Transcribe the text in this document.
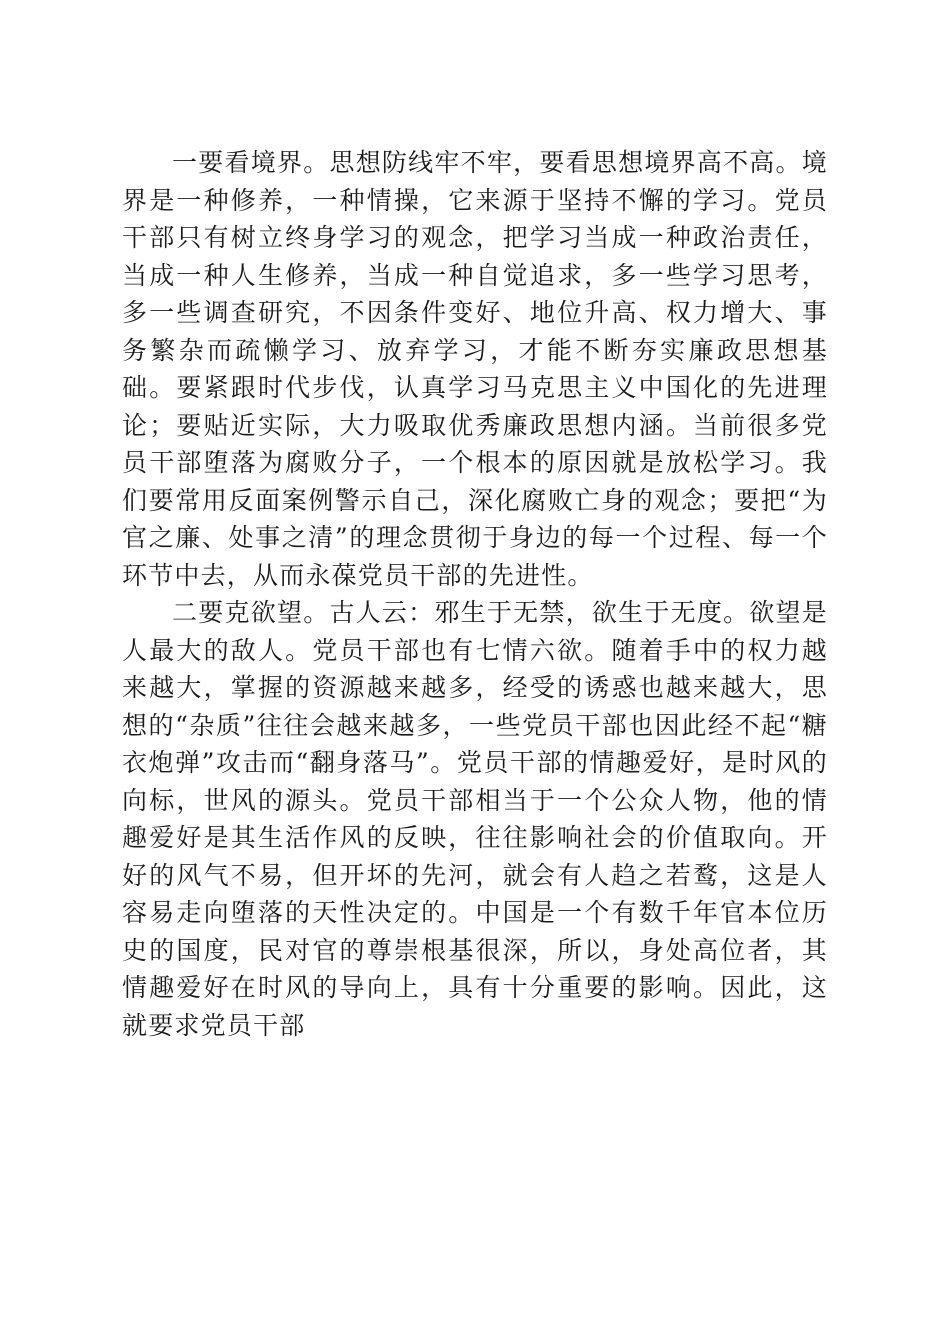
一要看境界。思想防线牢不牢，要看思想境界高不高。境界是一种修养，一种情操，它来源于坚持不懈的学习。党员干部只有树立终身学习的观念，把学习当成一种政治责任，当成一种人生修养，当成一种自觉追求，多一些学习思考，多一些调查研究，不因条件变好、地位升高、权力增大、事务繁杂而疏懒学习、放弃学习，才能不断夯实廉政思想基础。要紧跟时代步伐，认真学习马克思主义中国化的先进理论；要贴近实际，大力吸取优秀廉政思想内涵。当前很多党员干部堕落为腐败分子，一个根本的原因就是放松学习。我们要常用反面案例警示自己，深化腐败亡身的观念；要把“为官之廉、处事之清”的理念贯彻于身边的每一个过程、每一个环节中去，从而永葆党员干部的先进性。

二要克欲望。古人云：邪生于无禁，欲生于无度。欲望是人最大的敌人。党员干部也有七情六欲。随着手中的权力越来越大，掌握的资源越来越多，经受的诱惑也越来越大，思想的“杂质”往往会越来越多，一些党员干部也因此经不起“糖衣炮弹”攻击而“翻身落马”。党员干部的情趣爱好，是时风的向标，世风的源头。党员干部相当于一个公众人物，他的情趣爱好是其生活作风的反映，往往影响社会的价值取向。开好的风气不易，但开坏的先河，就会有人趋之若鹜，这是人容易走向堕落的天性决定的。中国是一个有数千年官本位历史的国度，民对官的尊崇根基很深，所以，身处高位者，其情趣爱好在时风的导向上，具有十分重要的影响。因此，这就要求党员干部
